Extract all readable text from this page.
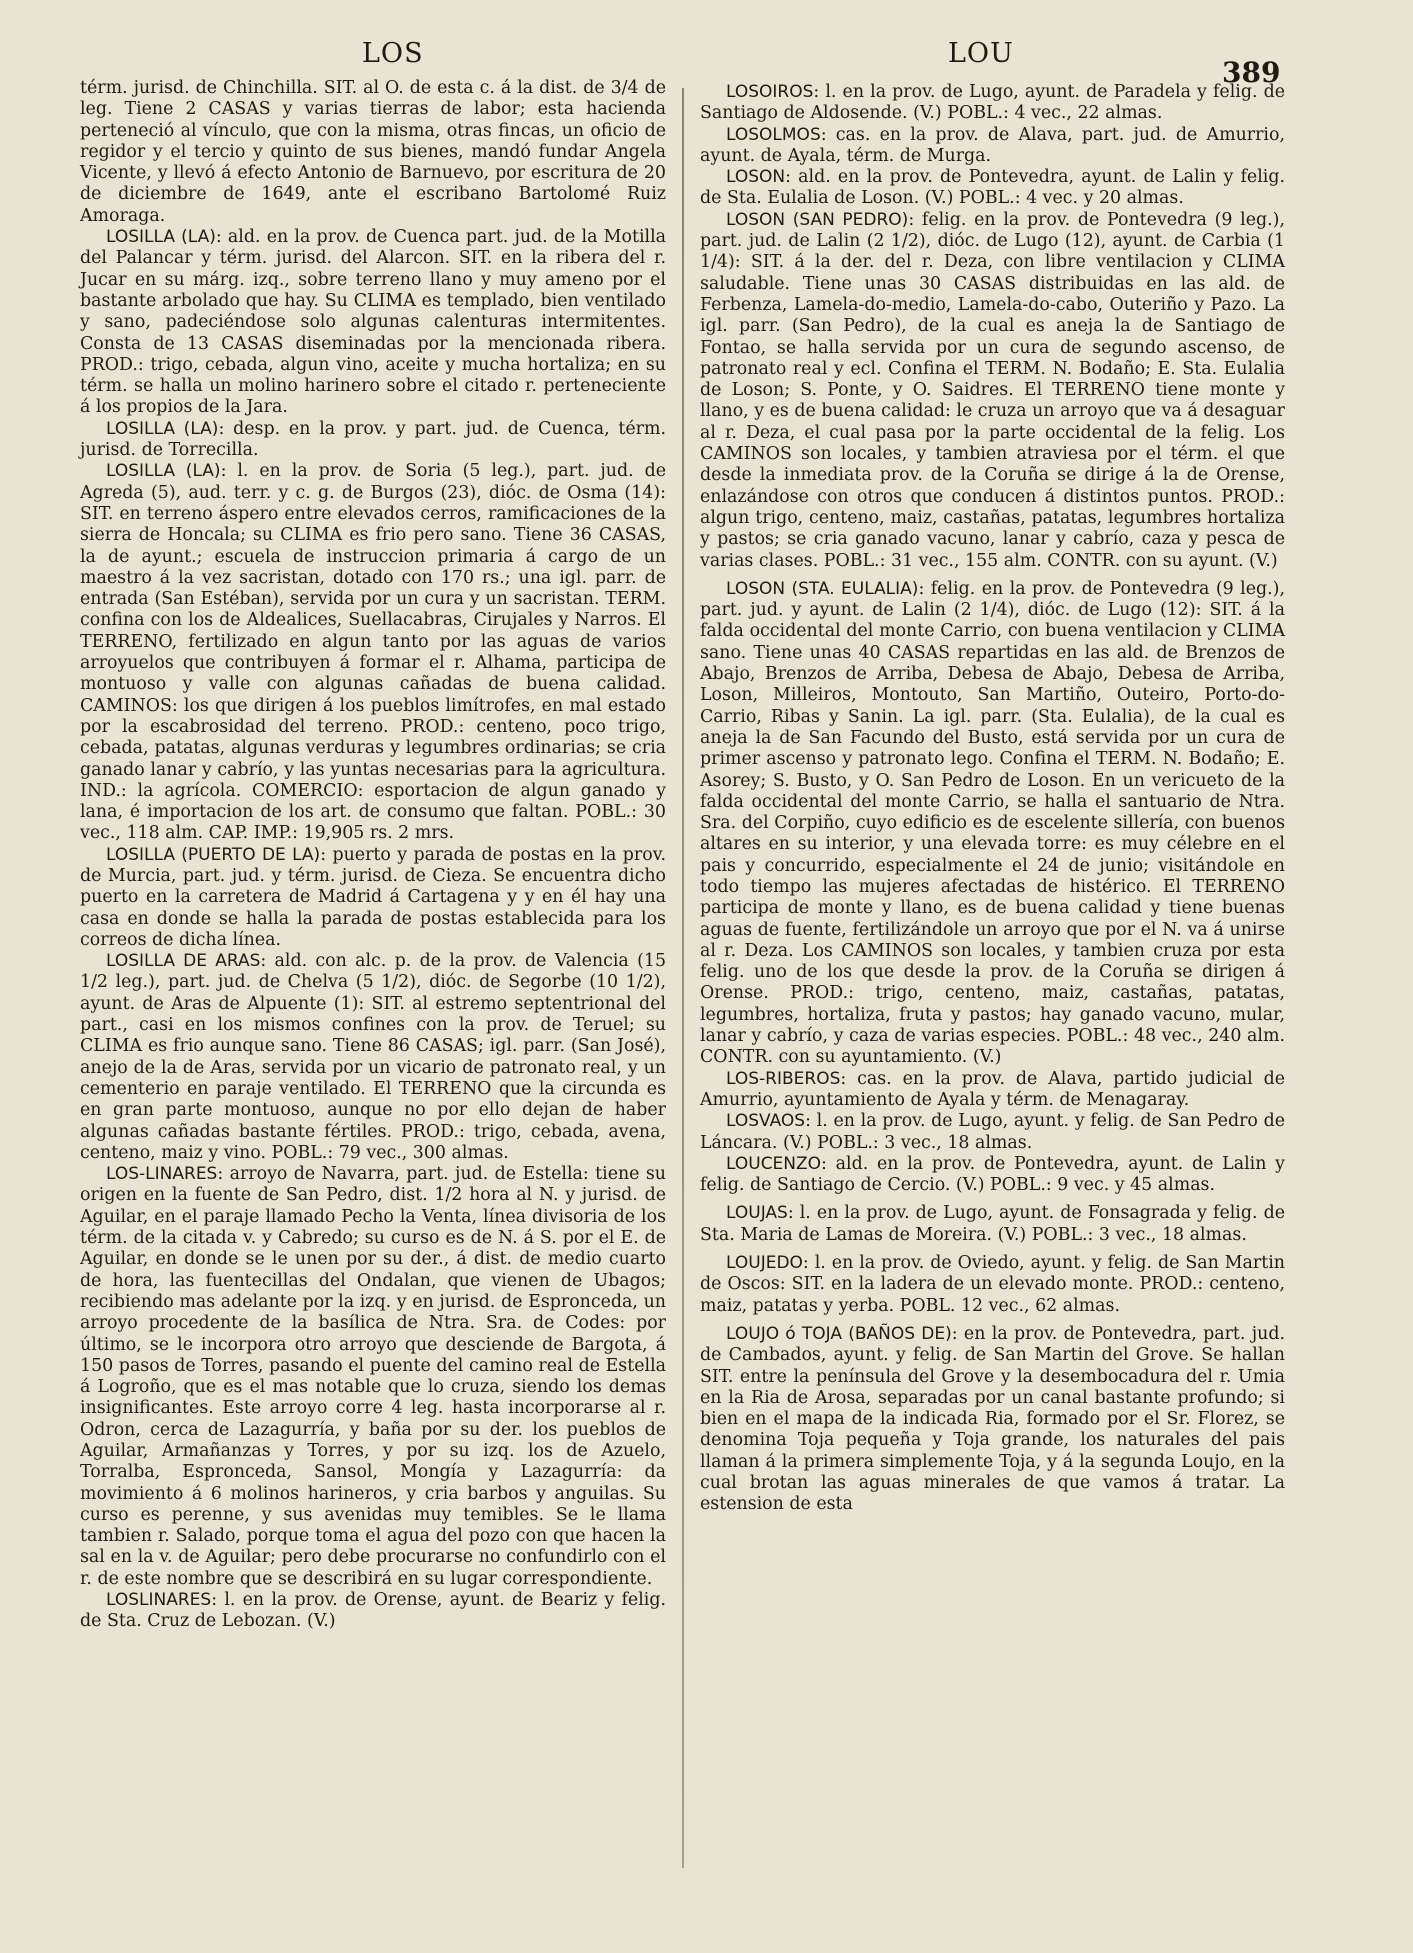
LOS	LOU
389

térm. jurisd. de Chinchilla. SIT. al O. de esta c. á la dist. de 3/4 de leg. Tiene 2 CASAS y varias tierras de labor; esta hacienda perteneció al vínculo, que con la misma, otras fincas, un oficio de regidor y el tercio y quinto de sus bienes, mandó fundar Angela Vicente, y llevó á efecto Antonio de Barnuevo, por escritura de 20 de diciembre de 1649, ante el escribano Bartolomé Ruiz Amoraga.

LOSILLA (LA): ald. en la prov. de Cuenca part. jud. de la Motilla del Palancar y térm. jurisd. del Alarcon. SIT. en la ribera del r. Jucar en su márg. izq., sobre terreno llano y muy ameno por el bastante arbolado que hay. Su CLIMA es templado, bien ventilado y sano, padeciéndose solo algunas calenturas intermitentes. Consta de 13 CASAS diseminadas por la mencionada ribera. PROD.: trigo, cebada, algun vino, aceite y mucha hortaliza; en su térm. se halla un molino harinero sobre el citado r. perteneciente á los propios de la Jara.

LOSILLA (LA): desp. en la prov. y part. jud. de Cuenca, térm. jurisd. de Torrecilla.

LOSILLA (LA): l. en la prov. de Soria (5 leg.), part. jud. de Agreda (5), aud. terr. y c. g. de Burgos (23), dióc. de Osma (14): SIT. en terreno áspero entre elevados cerros, ramificaciones de la sierra de Honcala; su CLIMA es frio pero sano. Tiene 36 CASAS, la de ayunt.; escuela de instruccion primaria á cargo de un maestro á la vez sacristan, dotado con 170 rs.; una igl. parr. de entrada (San Estéban), servida por un cura y un sacristan. TERM. confina con los de Aldealices, Suellacabras, Cirujales y Narros. El TERRENO, fertilizado en algun tanto por las aguas de varios arroyuelos que contribuyen á formar el r. Alhama, participa de montuoso y valle con algunas cañadas de buena calidad. CAMINOS: los que dirigen á los pueblos limítrofes, en mal estado por la escabrosidad del terreno. PROD.: centeno, poco trigo, cebada, patatas, algunas verduras y legumbres ordinarias; se cria ganado lanar y cabrío, y las yuntas necesarias para la agricultura. IND.: la agrícola. COMERCIO: esportacion de algun ganado y lana, é importacion de los art. de consumo que faltan. POBL.: 30 vec., 118 alm. CAP. IMP.: 19,905 rs. 2 mrs.

LOSILLA (PUERTO DE LA): puerto y parada de postas en la prov. de Murcia, part. jud. y térm. jurisd. de Cieza. Se encuentra dicho puerto en la carretera de Madrid á Cartagena y y en él hay una casa en donde se halla la parada de postas establecida para los correos de dicha línea.

LOSILLA DE ARAS: ald. con alc. p. de la prov. de Valencia (15 1/2 leg.), part. jud. de Chelva (5 1/2), dióc. de Segorbe (10 1/2), ayunt. de Aras de Alpuente (1): SIT. al estremo septentrional del part., casi en los mismos confines con la prov. de Teruel; su CLIMA es frio aunque sano. Tiene 86 CASAS; igl. parr. (San José), anejo de la de Aras, servida por un vicario de patronato real, y un cementerio en paraje ventilado. El TERRENO que la circunda es en gran parte montuoso, aunque no por ello dejan de haber algunas cañadas bastante fértiles. PROD.: trigo, cebada, avena, centeno, maiz y vino. POBL.: 79 vec., 300 almas.

LOS-LINARES: arroyo de Navarra, part. jud. de Estella: tiene su origen en la fuente de San Pedro, dist. 1/2 hora al N. y jurisd. de Aguilar, en el paraje llamado Pecho la Venta, línea divisoria de los térm. de la citada v. y Cabredo; su curso es de N. á S. por el E. de Aguilar, en donde se le unen por su der., á dist. de medio cuarto de hora, las fuentecillas del Ondalan, que vienen de Ubagos; recibiendo mas adelante por la izq. y en jurisd. de Espronceda, un arroyo procedente de la basílica de Ntra. Sra. de Codes: por último, se le incorpora otro arroyo que desciende de Bargota, á 150 pasos de Torres, pasando el puente del camino real de Estella á Logroño, que es el mas notable que lo cruza, siendo los demas insignificantes. Este arroyo corre 4 leg. hasta incorporarse al r. Odron, cerca de Lazagurría, y baña por su der. los pueblos de Aguilar, Armañanzas y Torres, y por su izq. los de Azuelo, Torralba, Espronceda, Sansol, Mongía y Lazagurría: da movimiento á 6 molinos harineros, y cria barbos y anguilas. Su curso es perenne, y sus avenidas muy temibles. Se le llama tambien r. Salado, porque toma el agua del pozo con que hacen la sal en la v. de Aguilar; pero debe procurarse no confundirlo con el r. de este nombre que se describirá en su lugar correspondiente.

LOSLINARES: l. en la prov. de Orense, ayunt. de Beariz y felig. de Sta. Cruz de Lebozan. (V.)

LOSOIROS: l. en la prov. de Lugo, ayunt. de Paradela y felig. de Santiago de Aldosende. (V.) POBL.: 4 vec., 22 almas.

LOSOLMOS: cas. en la prov. de Alava, part. jud. de Amurrio, ayunt. de Ayala, térm. de Murga.

LOSON: ald. en la prov. de Pontevedra, ayunt. de Lalin y felig. de Sta. Eulalia de Loson. (V.) POBL.: 4 vec. y 20 almas.

LOSON (SAN PEDRO): felig. en la prov. de Pontevedra (9 leg.), part. jud. de Lalin (2 1/2), dióc. de Lugo (12), ayunt. de Carbia (1 1/4): SIT. á la der. del r. Deza, con libre ventilacion y CLIMA saludable. Tiene unas 30 CASAS distribuidas en las ald. de Ferbenza, Lamela-do-medio, Lamela-do-cabo, Outeriño y Pazo. La igl. parr. (San Pedro), de la cual es aneja la de Santiago de Fontao, se halla servida por un cura de segundo ascenso, de patronato real y ecl. Confina el TERM. N. Bodaño; E. Sta. Eulalia de Loson; S. Ponte, y O. Saidres. El TERRENO tiene monte y llano, y es de buena calidad: le cruza un arroyo que va á desaguar al r. Deza, el cual pasa por la parte occidental de la felig. Los CAMINOS son locales, y tambien atraviesa por el térm. el que desde la inmediata prov. de la Coruña se dirige á la de Orense, enlazándose con otros que conducen á distintos puntos. PROD.: algun trigo, centeno, maiz, castañas, patatas, legumbres hortaliza y pastos; se cria ganado vacuno, lanar y cabrío, caza y pesca de varias clases. POBL.: 31 vec., 155 alm. CONTR. con su ayunt. (V.)

LOSON (STA. EULALIA): felig. en la prov. de Pontevedra (9 leg.), part. jud. y ayunt. de Lalin (2 1/4), dióc. de Lugo (12): SIT. á la falda occidental del monte Carrio, con buena ventilacion y CLIMA sano. Tiene unas 40 CASAS repartidas en las ald. de Brenzos de Abajo, Brenzos de Arriba, Debesa de Abajo, Debesa de Arriba, Loson, Milleiros, Montouto, San Martiño, Outeiro, Porto-do-Carrio, Ribas y Sanin. La igl. parr. (Sta. Eulalia), de la cual es aneja la de San Facundo del Busto, está servida por un cura de primer ascenso y patronato lego. Confina el TERM. N. Bodaño; E. Asorey; S. Busto, y O. San Pedro de Loson. En un vericueto de la falda occidental del monte Carrio, se halla el santuario de Ntra. Sra. del Corpiño, cuyo edificio es de escelente sillería, con buenos altares en su interior, y una elevada torre: es muy célebre en el pais y concurrido, especialmente el 24 de junio; visitándole en todo tiempo las mujeres afectadas de histérico. El TERRENO participa de monte y llano, es de buena calidad y tiene buenas aguas de fuente, fertilizándole un arroyo que por el N. va á unirse al r. Deza. Los CAMINOS son locales, y tambien cruza por esta felig. uno de los que desde la prov. de la Coruña se dirigen á Orense. PROD.: trigo, centeno, maiz, castañas, patatas, legumbres, hortaliza, fruta y pastos; hay ganado vacuno, mular, lanar y cabrío, y caza de varias especies. POBL.: 48 vec., 240 alm. CONTR. con su ayuntamiento. (V.)

LOS-RIBEROS: cas. en la prov. de Alava, partido judicial de Amurrio, ayuntamiento de Ayala y térm. de Menagaray.

LOSVAOS: l. en la prov. de Lugo, ayunt. y felig. de San Pedro de Láncara. (V.) POBL.: 3 vec., 18 almas.

LOUCENZO: ald. en la prov. de Pontevedra, ayunt. de Lalin y felig. de Santiago de Cercio. (V.) POBL.: 9 vec. y 45 almas.

LOUJAS: l. en la prov. de Lugo, ayunt. de Fonsagrada y felig. de Sta. Maria de Lamas de Moreira. (V.) POBL.: 3 vec., 18 almas.

LOUJEDO: l. en la prov. de Oviedo, ayunt. y felig. de San Martin de Oscos: SIT. en la ladera de un elevado monte. PROD.: centeno, maiz, patatas y yerba. POBL. 12 vec., 62 almas.

LOUJO ó TOJA (BAÑOS DE): en la prov. de Pontevedra, part. jud. de Cambados, ayunt. y felig. de San Martin del Grove. Se hallan SIT. entre la península del Grove y la desembocadura del r. Umia en la Ria de Arosa, separadas por un canal bastante profundo; si bien en el mapa de la indicada Ria, formado por el Sr. Florez, se denomina Toja pequeña y Toja grande, los naturales del pais llaman á la primera simplemente Toja, y á la segunda Loujo, en la cual brotan las aguas minerales de que vamos á tratar. La estension de esta
